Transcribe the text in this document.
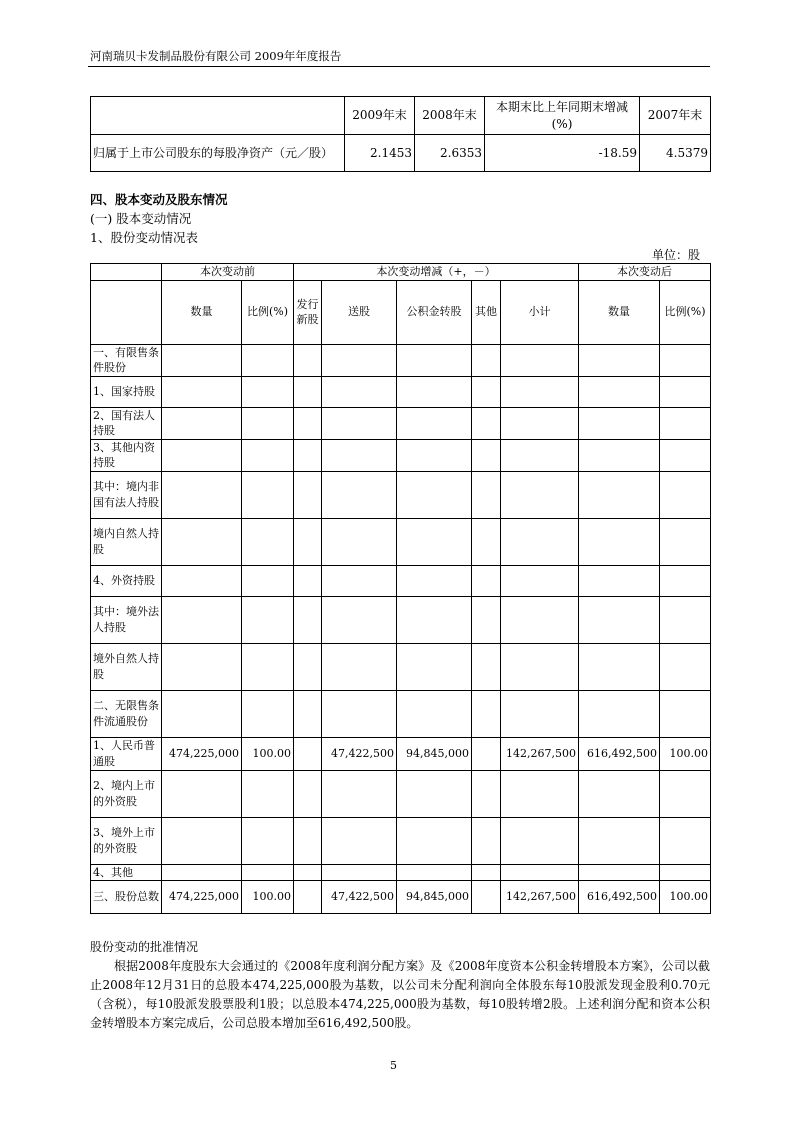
河南瑞贝卡发制品股份有限公司 2009年年度报告
	2009年末	2008年末	本期末比上年同期末增减(%)	2007年末
归属于上市公司股东的每股净资产（元／股）	2.1453	2.6353	-18.59	4.5379
四、股本变动及股东情况
(一) 股本变动情况
1、股份变动情况表
单位：股
	本次变动前		本次变动增减（+，－）					本次变动后	
	数量	比例(%)	发行新股	送股	公积金转股	其他	小计	数量	比例(%)
一、有限售条件股份									
1、国家持股									
2、国有法人持股									
3、其他内资持股									
其中：境内非国有法人持股									
境内自然人持股									
4、外资持股									
其中：境外法人持股									
境外自然人持股									
二、无限售条件流通股份									
1、人民币普通股	474,225,000	100.00		47,422,500	94,845,000		142,267,500	616,492,500	100.00
2、境内上市的外资股									
3、境外上市的外资股									
4、其他									
三、股份总数	474,225,000	100.00		47,422,500	94,845,000		142,267,500	616,492,500	100.00
股份变动的批准情况
根据2008年度股东大会通过的《2008年度利润分配方案》及《2008年度资本公积金转增股本方案》，公司以截止2008年12月31日的总股本474,225,000股为基数，以公司未分配利润向全体股东每10股派发现金股利0.70元（含税），每10股派发股票股利1股；以总股本474,225,000股为基数，每10股转增2股。上述利润分配和资本公积金转增股本方案完成后，公司总股本增加至616,492,500股。
5
